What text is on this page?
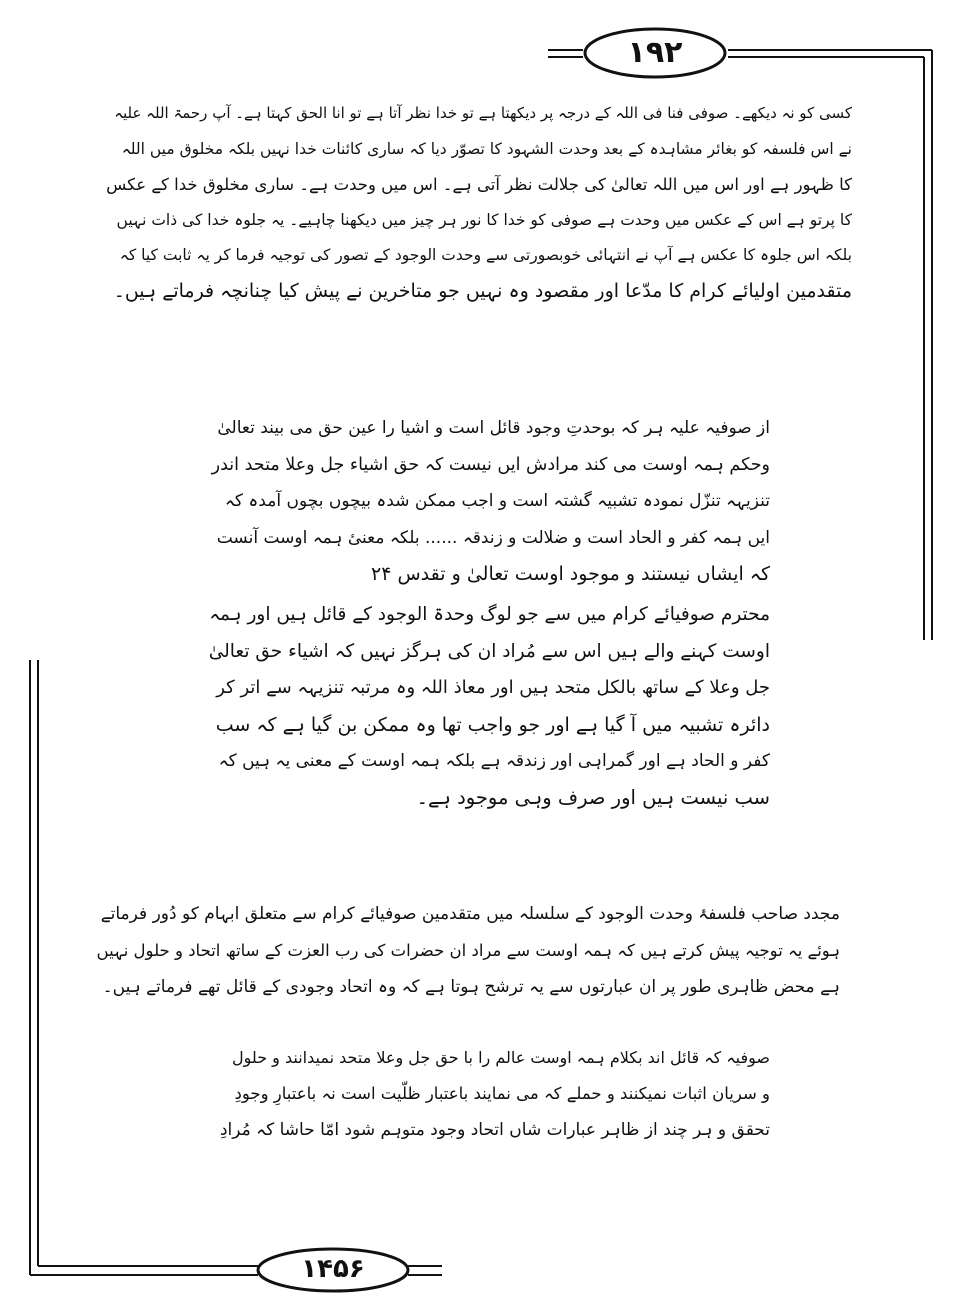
۱۹۲
کسی کو نہ دیکھے۔ صوفی فنا فی اللہ کے درجہ پر دیکھتا ہے تو خدا نظر آتا ہے تو انا الحق کہتا ہے۔ آپ رحمۃ اللہ علیہ
نے اس فلسفہ کو بغائر مشاہدہ کے بعد وحدت الشہود کا تصوّر دیا کہ ساری کائنات خدا نہیں بلکہ مخلوق میں اللہ
کا ظہور ہے اور اس میں اللہ تعالیٰ کی جلالت نظر آتی ہے۔ اس میں وحدت ہے۔ ساری مخلوق خدا کے عکس
کا پرتو ہے اس کے عکس میں وحدت ہے صوفی کو خدا کا نور ہر چیز میں دیکھنا چاہیے۔ یہ جلوہ خدا کی ذات نہیں
بلکہ اس جلوہ کا عکس ہے آپ نے انتہائی خوبصورتی سے وحدت الوجود کے تصور کی توجیہ فرما کر یہ ثابت کیا کہ
متقدمین اولیائے کرام کا مدّعا اور مقصود وہ نہیں جو متاخرین نے پیش کیا چنانچہ فرماتے ہیں۔
از صوفیہ علیہ ہر کہ بوحدتِ وجود قائل است و اشیا را عین حق می بیند تعالیٰ
وحکم ہمہ اوست می کند مرادش ایں نیست کہ حق اشیاء جل وعلا متحد اندر
تنزیہہ تنزّل نمودہ تشبیہ گشتہ است و اجب ممکن شدہ بیچوں بچوں آمدہ کہ
ایں ہمہ کفر و الحاد است و ضلالت و زندقہ ...... بلکہ معنیٔ ہمہ اوست آنست
کہ ایشاں نیستند و موجود اوست تعالیٰ و تقدس ۲۴
محترم صوفیائے کرام میں سے جو لوگ وحدۃ الوجود کے قائل ہیں اور ہمہ
اوست کہنے والے ہیں اس سے مُراد ان کی ہرگز نہیں کہ اشیاء حق تعالیٰ
جل وعلا کے ساتھ بالکل متحد ہیں اور معاذ اللہ وہ مرتبہ تنزیہہ سے اتر کر
دائرہ تشبیہ میں آ گیا ہے اور جو واجب تھا وہ ممکن بن گیا ہے کہ سب
کفر و الحاد ہے اور گمراہی اور زندقہ ہے بلکہ ہمہ اوست کے معنی یہ ہیں کہ
سب نیست ہیں اور صرف وہی موجود ہے۔
مجدد صاحب فلسفۂ وحدت الوجود کے سلسلہ میں متقدمین صوفیائے کرام سے متعلق ابہام کو دُور فرماتے
ہوئے یہ توجیہ پیش کرتے ہیں کہ ہمہ اوست سے مراد ان حضرات کی رب العزت کے ساتھ اتحاد و حلول نہیں
ہے محض ظاہری طور پر ان عبارتوں سے یہ ترشح ہوتا ہے کہ وہ اتحاد وجودی کے قائل تھے فرماتے ہیں۔
صوفیہ کہ قائل اند بکلام ہمہ اوست عالم را با حق جل وعلا متحد نمیدانند و حلول
و سریان اثبات نمیکنند و حملے کہ می نمایند باعتبار ظلّیت است نہ باعتبارِ وجودِ
تحقق و ہر چند از ظاہر عبارات شاں اتحاد وجود متوہم شود امّا حاشا کہ مُرادِ
۱۴۵۶
